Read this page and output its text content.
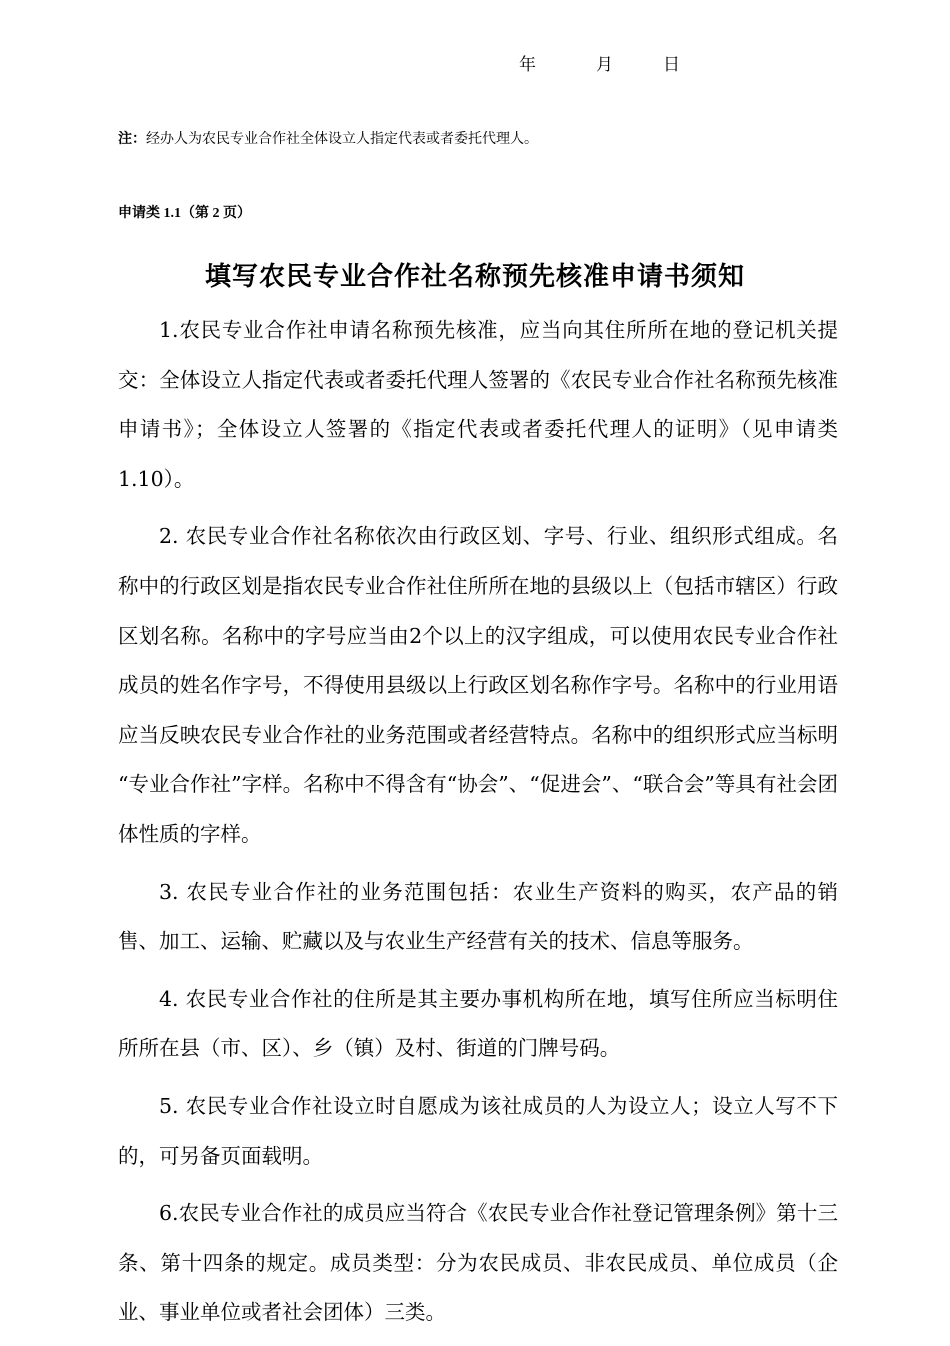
年	月	日
注：经办人为农民专业合作社全体设立人指定代表或者委托代理人。
申请类 1.1（第 2 页）
填写农民专业合作社名称预先核准申请书须知

1.农民专业合作社申请名称预先核准，应当向其住所所在地的登记机关提交：全体设立人指定代表或者委托代理人签署的《农民专业合作社名称预先核准申请书》；全体设立人签署的《指定代表或者委托代理人的证明》（见申请类1.10）。

2. 农民专业合作社名称依次由行政区划、字号、行业、组织形式组成。名称中的行政区划是指农民专业合作社住所所在地的县级以上（包括市辖区）行政区划名称。名称中的字号应当由2个以上的汉字组成，可以使用农民专业合作社成员的姓名作字号，不得使用县级以上行政区划名称作字号。名称中的行业用语应当反映农民专业合作社的业务范围或者经营特点。名称中的组织形式应当标明 “专业合作社”字样。名称中不得含有“协会”、“促进会”、“联合会”等具有社会团体性质的字样。

3. 农民专业合作社的业务范围包括：农业生产资料的购买，农产品的销售、加工、运输、贮藏以及与农业生产经营有关的技术、信息等服务。

4. 农民专业合作社的住所是其主要办事机构所在地，填写住所应当标明住所所在县（市、区）、乡（镇）及村、街道的门牌号码。

5. 农民专业合作社设立时自愿成为该社成员的人为设立人；设立人写不下的，可另备页面载明。

6.农民专业合作社的成员应当符合《农民专业合作社登记管理条例》第十三条、第十四条的规定。成员类型：分为农民成员、非农民成员、单位成员（企业、事业单位或者社会团体）三类。
